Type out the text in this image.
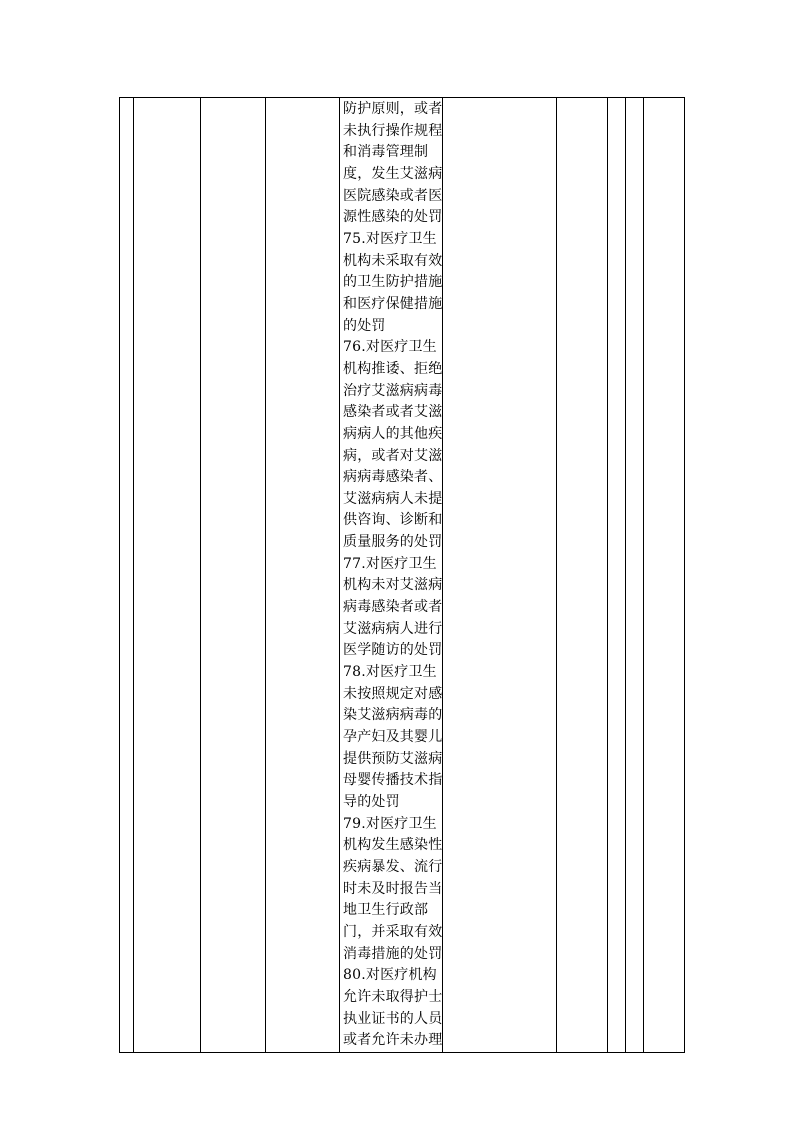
防护原则，或者
未执行操作规程
和消毒管理制
度，发生艾滋病
医院感染或者医
源性感染的处罚
75.对医疗卫生
机构未采取有效
的卫生防护措施
和医疗保健措施
的处罚
76.对医疗卫生
机构推诿、拒绝
治疗艾滋病病毒
感染者或者艾滋
病病人的其他疾
病，或者对艾滋
病病毒感染者、
艾滋病病人未提
供咨询、诊断和
质量服务的处罚
77.对医疗卫生
机构未对艾滋病
病毒感染者或者
艾滋病病人进行
医学随访的处罚
78.对医疗卫生
未按照规定对感
染艾滋病病毒的
孕产妇及其婴儿
提供预防艾滋病
母婴传播技术指
导的处罚
79.对医疗卫生
机构发生感染性
疾病暴发、流行
时未及时报告当
地卫生行政部
门，并采取有效
消毒措施的处罚
80.对医疗机构
允许未取得护士
执业证书的人员
或者允许未办理
